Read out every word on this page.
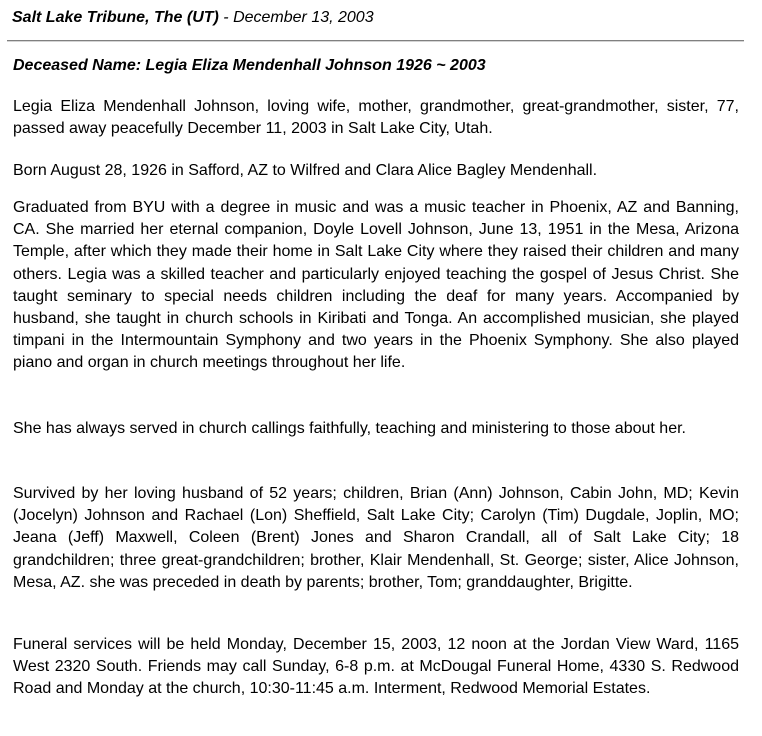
Salt Lake Tribune, The (UT) - December 13, 2003
Deceased Name: Legia Eliza Mendenhall Johnson 1926 ~ 2003

Legia Eliza Mendenhall Johnson, loving wife, mother, grandmother, great-grandmother, sister, 77, passed away peacefully December 11, 2003 in Salt Lake City, Utah.

Born August 28, 1926 in Safford, AZ to Wilfred and Clara Alice Bagley Mendenhall.

Graduated from BYU with a degree in music and was a music teacher in Phoenix, AZ and Banning, CA. She married her eternal companion, Doyle Lovell Johnson, June 13, 1951 in the Mesa, Arizona Temple, after which they made their home in Salt Lake City where they raised their children and many others. Legia was a skilled teacher and particularly enjoyed teaching the gospel of Jesus Christ. She taught seminary to special needs children including the deaf for many years. Accompanied by husband, she taught in church schools in Kiribati and Tonga. An accomplished musician, she played timpani in the Intermountain Symphony and two years in the Phoenix Symphony. She also played piano and organ in church meetings throughout her life.

She has always served in church callings faithfully, teaching and ministering to those about her.

Survived by her loving husband of 52 years; children, Brian (Ann) Johnson, Cabin John, MD; Kevin (Jocelyn) Johnson and Rachael (Lon) Sheffield, Salt Lake City; Carolyn (Tim) Dugdale, Joplin, MO; Jeana (Jeff) Maxwell, Coleen (Brent) Jones and Sharon Crandall, all of Salt Lake City; 18 grandchildren; three great-grandchildren; brother, Klair Mendenhall, St. George; sister, Alice Johnson, Mesa, AZ. she was preceded in death by parents; brother, Tom; granddaughter, Brigitte.

Funeral services will be held Monday, December 15, 2003, 12 noon at the Jordan View Ward, 1165 West 2320 South. Friends may call Sunday, 6-8 p.m. at McDougal Funeral Home, 4330 S. Redwood Road and Monday at the church, 10:30-11:45 a.m. Interment, Redwood Memorial Estates.
